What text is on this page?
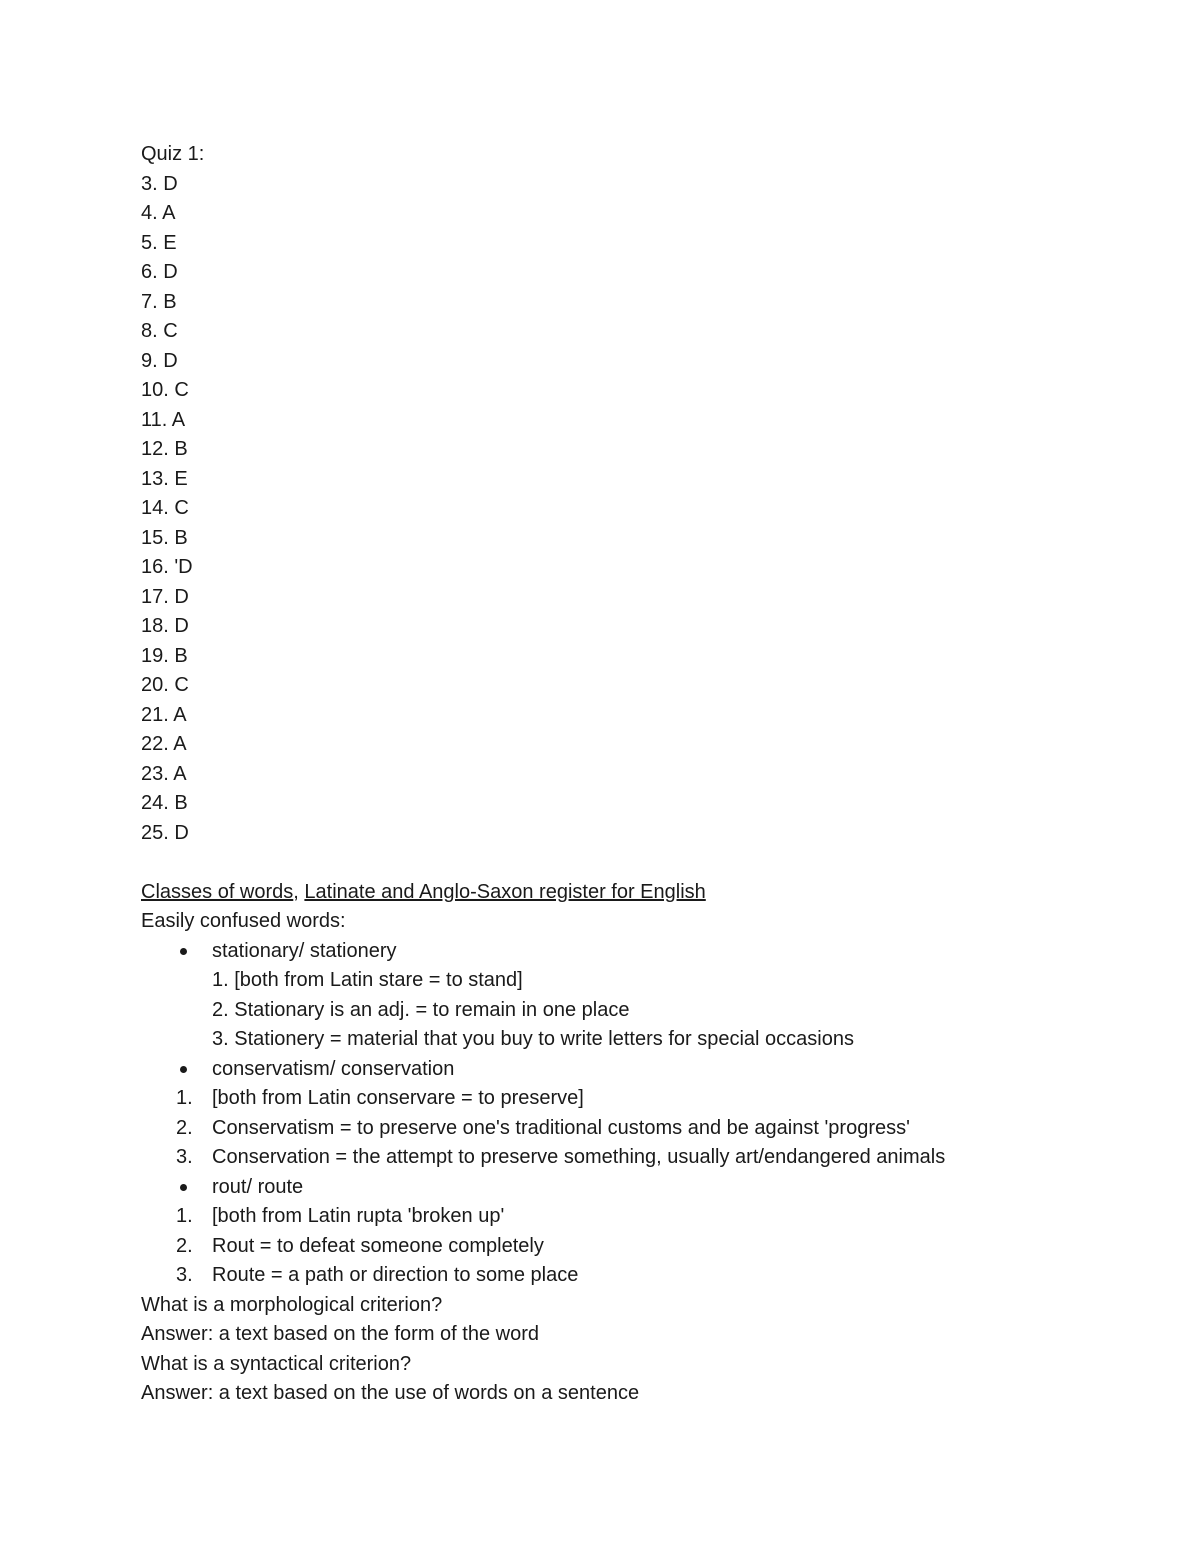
Quiz 1:
3. D
4. A
5. E
6. D
7. B
8. C
9. D
10. C
11. A
12. B
13. E
14. C
15. B
16. 'D
17. D
18. D
19. B
20. C
21. A
22. A
23. A
24. B
25. D
Classes of words, Latinate and Anglo-Saxon register for English
Easily confused words:
stationary/ stationery
1. [both from Latin stare = to stand]
2. Stationary is an adj. = to remain in one place
3. Stationery = material that you buy to write letters for special occasions
conservatism/ conservation
1. [both from Latin conservare = to preserve]
2. Conservatism = to preserve one's traditional customs and be against 'progress'
3. Conservation = the attempt to preserve something, usually art/endangered animals
rout/ route
1. [both from Latin rupta 'broken up'
2. Rout = to defeat someone completely
3. Route = a path or direction to some place
What is a morphological criterion?
Answer: a text based on the form of the word
What is a syntactical criterion?
Answer: a text based on the use of words on a sentence
